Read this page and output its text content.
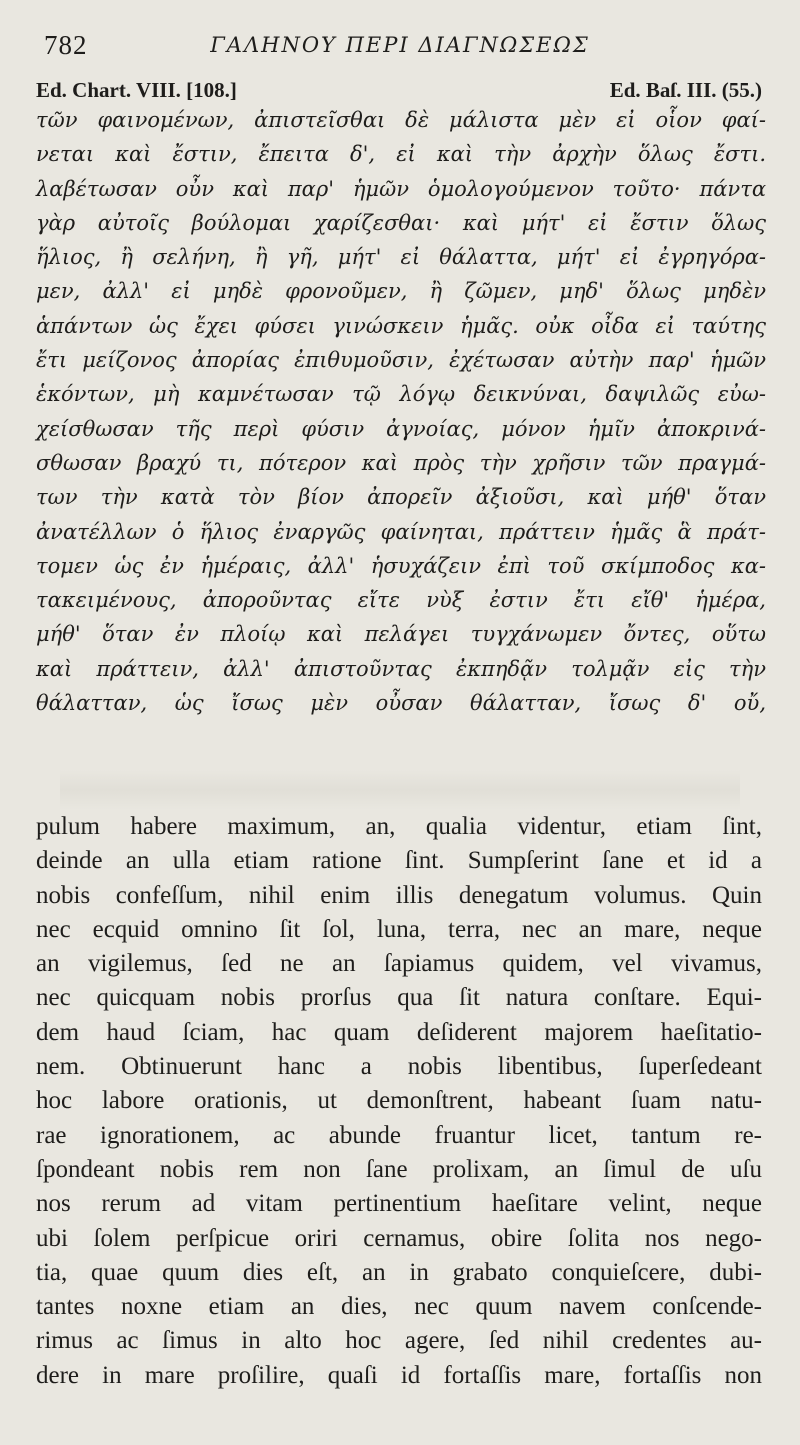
782	ΓΑΛΗΝΟΥ ΠΕΡΙ ΔΙΑΓΝΩΣΕΩΣ
Ed. Chart. VIII. [108.]	Ed. Baſ. III. (55.)
τῶν φαινομένων, ἀπιστεῖσθαι δὲ μάλιστα μὲν εἰ οἷον φαί-
νεται καὶ ἔστιν, ἔπειτα δ', εἰ καὶ τὴν ἀρχὴν ὅλως ἔστι.
λαβέτωσαν οὖν καὶ παρ' ἡμῶν ὁμολογούμενον τοῦτο· πάντα
γὰρ αὐτοῖς βούλομαι χαρίζεσθαι· καὶ μήτ' εἰ ἔστιν ὅλως
ἥλιος, ἢ σελήνη, ἢ γῆ, μήτ' εἰ θάλαττα, μήτ' εἰ ἐγρηγόρα-
μεν, ἀλλ' εἰ μηδὲ φρονοῦμεν, ἢ ζῶμεν, μηδ' ὅλως μηδὲν
ἁπάντων ὡς ἔχει φύσει γινώσκειν ἡμᾶς. οὐκ οἶδα εἰ ταύτης
ἔτι μείζονος ἀπορίας ἐπιθυμοῦσιν, ἐχέτωσαν αὐτὴν παρ' ἡμῶν
ἑκόντων, μὴ καμνέτωσαν τῷ λόγῳ δεικνύναι, δαψιλῶς εὐω-
χείσθωσαν τῆς περὶ φύσιν ἀγνοίας, μόνον ἡμῖν ἀποκρινά-
σθωσαν βραχύ τι, πότερον καὶ πρὸς τὴν χρῆσιν τῶν πραγμά-
των τὴν κατὰ τὸν βίον ἀπορεῖν ἀξιοῦσι, καὶ μήθ' ὅταν
ἀνατέλλων ὁ ἥλιος ἐναργῶς φαίνηται, πράττειν ἡμᾶς ἃ πράτ-
τομεν ὡς ἐν ἡμέραις, ἀλλ' ἡσυχάζειν ἐπὶ τοῦ σκίμποδος κα-
τακειμένους, ἀποροῦντας εἴτε νὺξ ἐστιν ἔτι εἴθ' ἡμέρα,
μήθ' ὅταν ἐν πλοίῳ καὶ πελάγει τυγχάνωμεν ὄντες, οὕτω
καὶ πράττειν, ἀλλ' ἀπιστοῦντας ἐκπηδᾷν τολμᾷν εἰς τὴν
θάλατταν, ὡς ἴσως μὲν οὖσαν θάλατταν, ἴσως δ' οὔ,
pulum habere maximum, an, qualia videntur, etiam ſint,
deinde an ulla etiam ratione ſint. Sumpſerint ſane et id a
nobis confeſſum, nihil enim illis denegatum volumus. Quin
nec ecquid omnino ſit ſol, luna, terra, nec an mare, neque
an vigilemus, ſed ne an ſapiamus quidem, vel vivamus,
nec quicquam nobis prorſus qua ſit natura conſtare. Equi-
dem haud ſciam, hac quam deſiderent majorem haeſitatio-
nem. Obtinuerunt hanc a nobis libentibus, ſuperſedeant
hoc labore orationis, ut demonſtrent, habeant ſuam natu-
rae ignorationem, ac abunde fruantur licet, tantum re-
ſpondeant nobis rem non ſane prolixam, an ſimul de uſu
nos rerum ad vitam pertinentium haeſitare velint, neque
ubi ſolem perſpicue oriri cernamus, obire ſolita nos nego-
tia, quae quum dies eſt, an in grabato conquieſcere, dubi-
tantes noxne etiam an dies, nec quum navem conſcende-
rimus ac ſimus in alto hoc agere, ſed nihil credentes au-
dere in mare proſilire, quaſi id fortaſſis mare, fortaſſis non
